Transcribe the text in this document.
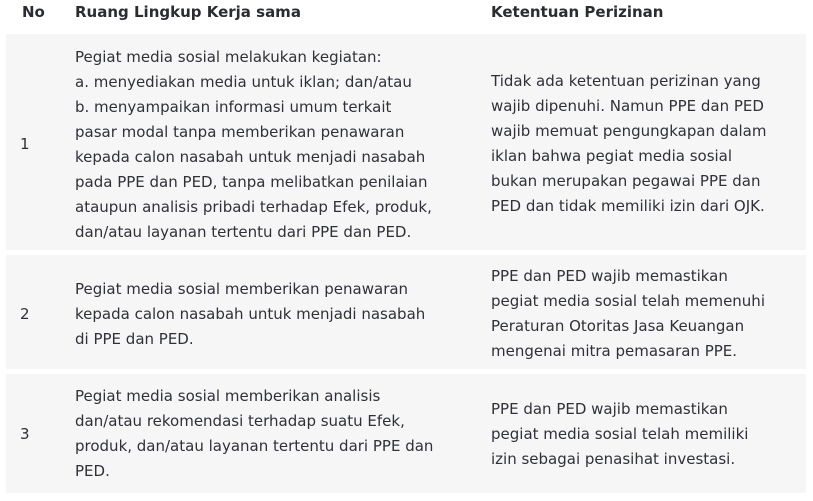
No Ruang Lingkup Kerja sama	Ketentuan Perizinan
1
Pegiat media sosial melakukan kegiatan:
a. menyediakan media untuk iklan; dan/atau
b. menyampaikan informasi umum terkait
pasar modal tanpa memberikan penawaran
kepada calon nasabah untuk menjadi nasabah
pada PPE dan PED, tanpa melibatkan penilaian
ataupun analisis pribadi terhadap Efek, produk,
dan/atau layanan tertentu dari PPE dan PED.
Tidak ada ketentuan perizinan yang
wajib dipenuhi. Namun PPE dan PED
wajib memuat pengungkapan dalam
iklan bahwa pegiat media sosial
bukan merupakan pegawai PPE dan
PED dan tidak memiliki izin dari OJK.
2
Pegiat media sosial memberikan penawaran
kepada calon nasabah untuk menjadi nasabah
di PPE dan PED.
PPE dan PED wajib memastikan
pegiat media sosial telah memenuhi
Peraturan Otoritas Jasa Keuangan
mengenai mitra pemasaran PPE.
3
Pegiat media sosial memberikan analisis
dan/atau rekomendasi terhadap suatu Efek,
produk, dan/atau layanan tertentu dari PPE dan
PED.
PPE dan PED wajib memastikan
pegiat media sosial telah memiliki
izin sebagai penasihat investasi.
